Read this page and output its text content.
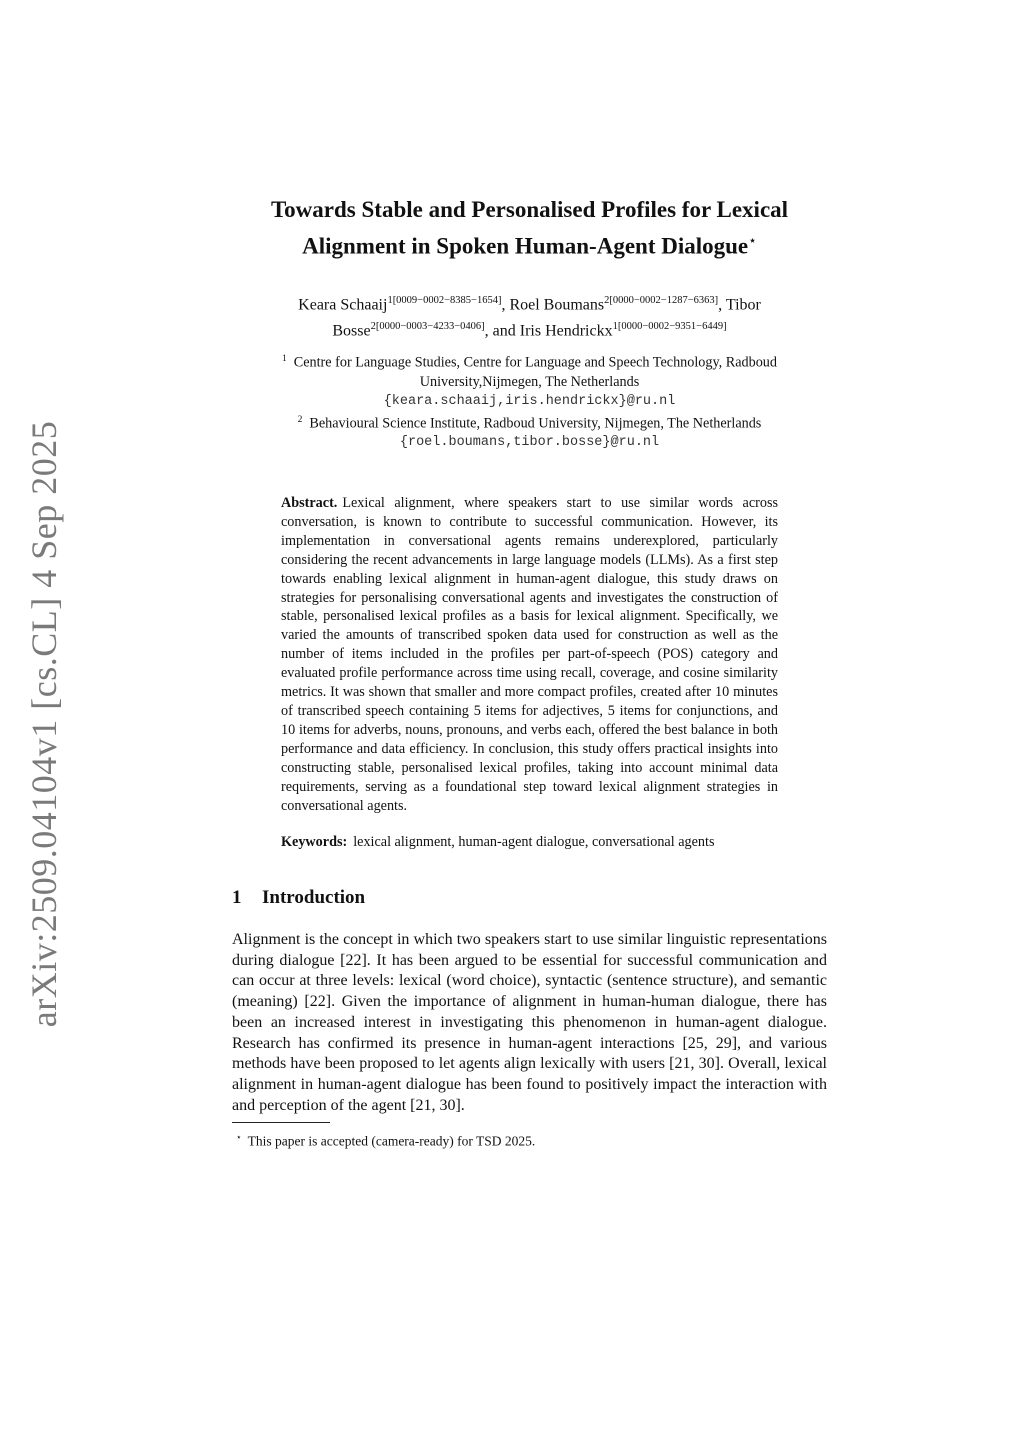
arXiv:2509.04104v1 [cs.CL] 4 Sep 2025
Towards Stable and Personalised Profiles for Lexical
Alignment in Spoken Human-Agent Dialogue⋆
Keara Schaaij$^{1[0009-0002-8385-1654]}$, Roel Boumans$^{2[0000-0002-1287-6363]}$, Tibor
Bosse$^{2[0000-0003-4233-0406]}$, and Iris Hendrickx$^{1[0000-0002-9351-6449]}$
$^1$ Centre for Language Studies, Centre for Language and Speech Technology, Radboud
University,Nijmegen, The Netherlands
{keara.schaaij,iris.hendrickx}@ru.nl
$^2$ Behavioural Science Institute, Radboud University, Nijmegen, The Netherlands
{roel.boumans,tibor.bosse}@ru.nl
Abstract. Lexical alignment, where speakers start to use similar words across conversation, is known to contribute to successful communication. However, its implementation in conversational agents remains underexplored, particularly considering the recent advancements in large language models (LLMs). As a first step towards enabling lexical alignment in human-agent dialogue, this study draws on strategies for personalising conversational agents and investigates the construction of stable, personalised lexical profiles as a basis for lexical alignment. Specifically, we varied the amounts of transcribed spoken data used for construction as well as the number of items included in the profiles per part-of-speech (POS) category and evaluated profile performance across time using recall, coverage, and cosine similarity metrics. It was shown that smaller and more compact profiles, created after 10 minutes of transcribed speech containing 5 items for adjectives, 5 items for conjunctions, and 10 items for adverbs, nouns, pronouns, and verbs each, offered the best balance in both performance and data efficiency. In conclusion, this study offers practical insights into constructing stable, personalised lexical profiles, taking into account minimal data requirements, serving as a foundational step toward lexical alignment strategies in conversational agents.
Keywords: lexical alignment, human-agent dialogue, conversational agents
1 Introduction
Alignment is the concept in which two speakers start to use similar linguistic representations during dialogue [22]. It has been argued to be essential for successful communication and can occur at three levels: lexical (word choice), syntactic (sentence structure), and semantic (meaning) [22]. Given the importance of alignment in human-human dialogue, there has been an increased interest in investigating this phenomenon in human-agent dialogue. Research has confirmed its presence in human-agent interactions [25, 29], and various methods have been proposed to let agents align lexically with users [21, 30]. Overall, lexical alignment in human-agent dialogue has been found to positively impact the interaction with and perception of the agent [21, 30].
⋆ This paper is accepted (camera-ready) for TSD 2025.
